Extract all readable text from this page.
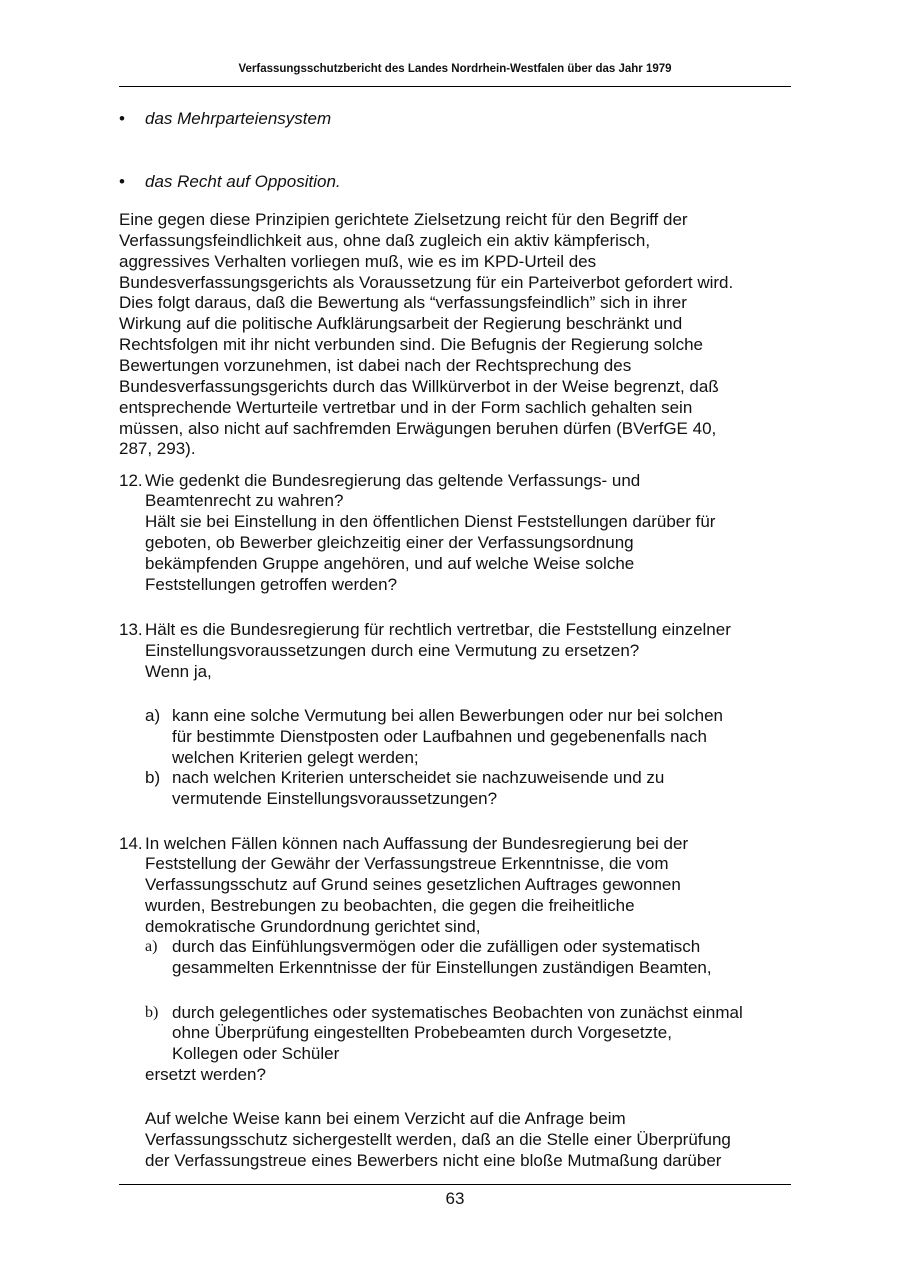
Verfassungsschutzbericht des Landes Nordrhein-Westfalen über das Jahr 1979
• das Mehrparteiensystem
• das Recht auf Opposition.
Eine gegen diese Prinzipien gerichtete Zielsetzung reicht für den Begriff der
Verfassungsfeindlichkeit aus, ohne daß zugleich ein aktiv kämpferisch,
aggressives Verhalten vorliegen muß, wie es im KPD-Urteil des
Bundesverfassungsgerichts als Voraussetzung für ein Parteiverbot gefordert wird.
Dies folgt daraus, daß die Bewertung als “verfassungsfeindlich” sich in ihrer
Wirkung auf die politische Aufklärungsarbeit der Regierung beschränkt und
Rechtsfolgen mit ihr nicht verbunden sind. Die Befugnis der Regierung solche
Bewertungen vorzunehmen, ist dabei nach der Rechtsprechung des
Bundesverfassungsgerichts durch das Willkürverbot in der Weise begrenzt, daß
entsprechende Werturteile vertretbar und in der Form sachlich gehalten sein
müssen, also nicht auf sachfremden Erwägungen beruhen dürfen (BVerfGE 40,
287, 293).
12. Wie gedenkt die Bundesregierung das geltende Verfassungs- und
Beamtenrecht zu wahren?
Hält sie bei Einstellung in den öffentlichen Dienst Feststellungen darüber für
geboten, ob Bewerber gleichzeitig einer der Verfassungsordnung
bekämpfenden Gruppe angehören, und auf welche Weise solche
Feststellungen getroffen werden?
13. Hält es die Bundesregierung für rechtlich vertretbar, die Feststellung einzelner
Einstellungsvoraussetzungen durch eine Vermutung zu ersetzen?
Wenn ja,
a) kann eine solche Vermutung bei allen Bewerbungen oder nur bei solchen
für bestimmte Dienstposten oder Laufbahnen und gegebenenfalls nach
welchen Kriterien gelegt werden;
b) nach welchen Kriterien unterscheidet sie nachzuweisende und zu
vermutende Einstellungsvoraussetzungen?
14. In welchen Fällen können nach Auffassung der Bundesregierung bei der
Feststellung der Gewähr der Verfassungstreue Erkenntnisse, die vom
Verfassungsschutz auf Grund seines gesetzlichen Auftrages gewonnen
wurden, Bestrebungen zu beobachten, die gegen die freiheitliche
demokratische Grundordnung gerichtet sind,
a) durch das Einfühlungsvermögen oder die zufälligen oder systematisch
gesammelten Erkenntnisse der für Einstellungen zuständigen Beamten,
b) durch gelegentliches oder systematisches Beobachten von zunächst einmal
ohne Überprüfung eingestellten Probebeamten durch Vorgesetzte,
Kollegen oder Schüler
ersetzt werden?
Auf welche Weise kann bei einem Verzicht auf die Anfrage beim
Verfassungsschutz sichergestellt werden, daß an die Stelle einer Überprüfung
der Verfassungstreue eines Bewerbers nicht eine bloße Mutmaßung darüber
63
